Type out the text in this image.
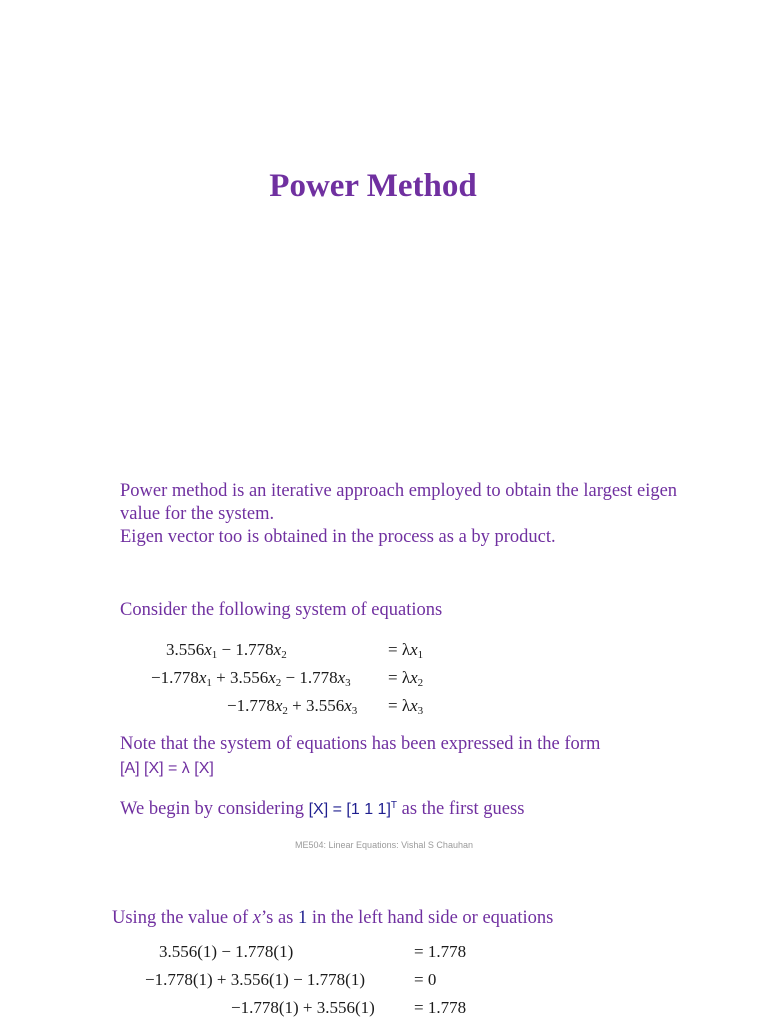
Power Method
Power method is an iterative approach employed to obtain the largest eigen value for the system.
Eigen vector too is obtained in the process as a by product.
Consider the following system of equations
$3.556x_1 - 1.778x_2$	= $\lambda x_1$
$-1.778x_1 + 3.556x_2 - 1.778x_3 = \lambda x_2$
$-1.778x_2 + 3.556x_3 = \lambda x_3$
Note that the system of equations has been expressed in the form
[A] [X] = λ [X]
We begin by considering [X] = [1 1 1]$^T$ as the first guess
ME504: Linear Equations: Vishal S Chauhan
Using the value of x’s as 1 in the left hand side or equations
3.556(1) − 1.778(1)	= 1.778
−1.778(1) + 3.556(1) − 1.778(1)	= 0
−1.778(1) + 3.556(1) = 1.778
